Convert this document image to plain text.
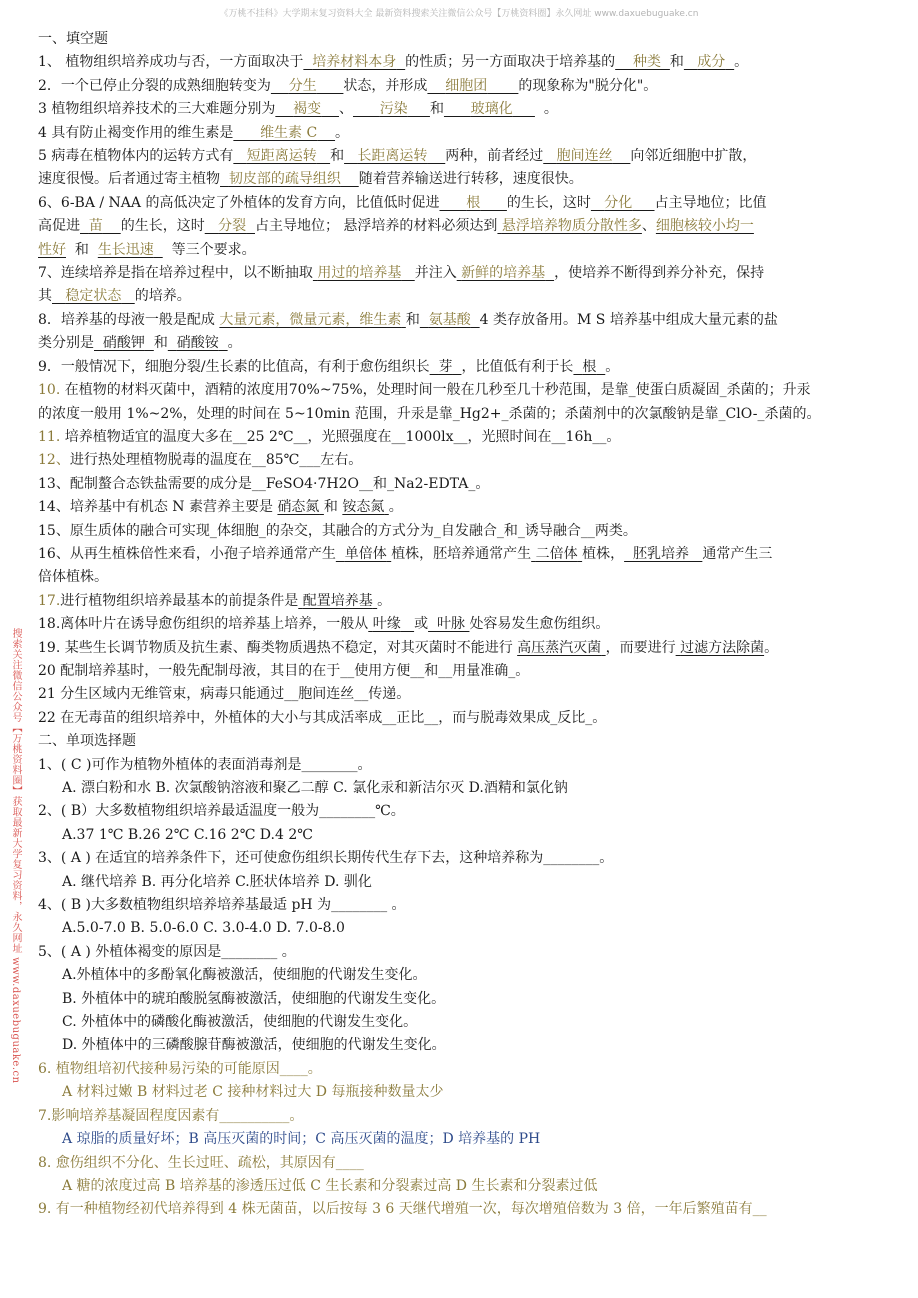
《万桃不挂科》大学期末复习资料大全 最新资料搜索关注微信公众号【万桃资料圈】永久网址 www.daxuebuguake.cn
搜索关注微信公众号【万桃资料圈】获取最新大学复习资料，永久网址 www.daxuebuguake.cn

一、填空题

1、 植物组织培养成功与否，一方面取决于 培养材料本身 的性质；另一方面取决于培养基的 种类 和 成分 。

2．一个已停止分裂的成熟细胞转变为 分生 状态，并形成 细胞团 的现象称为"脱分化"。

3 植物组织培养技术的三大难题分别为 褐变 、 污染 和 玻璃化 。

4 具有防止褐变作用的维生素是 维生素 C 。

5 病毒在植物体内的运转方式有 短距离运转 和 长距离运转 两种，前者经过 胞间连丝 向邻近细胞中扩散，

速度很慢。后者通过寄主植物 韧皮部的疏导组织 随着营养输送进行转移，速度很快。

6、6-BA / NAA 的高低决定了外植体的发育方向，比值低时促进 根 的生长，这时 分化 占主导地位；比值

高促进 苗 的生长，这时 分裂 占主导地位； 悬浮培养的材料必须达到 悬浮培养物质分散性多、细胞核较小均一

性好 和 生长迅速 等三个要求。

7、连续培养是指在培养过程中，以不断抽取 用过的培养基 并注入 新鲜的培养基 ，使培养不断得到养分补充，保持

其 稳定状态 的培养。

8．培养基的母液一般是配成 大量元素，微量元素，维生素 和 氨基酸 4 类存放备用。M S 培养基中组成大量元素的盐

类分别是 硝酸钾 和 硝酸铵 。

9．一般情况下，细胞分裂/生长素的比值高，有利于愈伤组织长 芽 ，比值低有利于长 根 。

10. 在植物的材料灭菌中，酒精的浓度用70%~75%，处理时间一般在几秒至几十秒范围，是靠_使蛋白质凝固_杀菌的；升汞

的浓度一般用 1%~2%，处理的时间在 5~10min 范围，升汞是靠_Hg2+_杀菌的；杀菌剂中的次氯酸钠是靠_ClO-_杀菌的。

11. 培养植物适宜的温度大多在__25 2℃__，光照强度在__1000lx__，光照时间在__16h__。

12、进行热处理植物脱毒的温度在__85℃___左右。

13、配制螯合态铁盐需要的成分是__FeSO4·7H2O__和_Na2-EDTA_。

14、培养基中有机态 N 素营养主要是 硝态氮 和 铵态氮 。

15、原生质体的融合可实现_体细胞_的杂交，其融合的方式分为_自发融合_和_诱导融合__两类。

16、从再生植株倍性来看，小孢子培养通常产生 单倍体 植株，胚培养通常产生 二倍体 植株， 胚乳培养 通常产生三

倍体植株。

17.进行植物组织培养最基本的前提条件是 配置培养基 。

18.离体叶片在诱导愈伤组织的培养基上培养，一般从 叶缘 或 叶脉 处容易发生愈伤组织。

19. 某些生长调节物质及抗生素、酶类物质遇热不稳定，对其灭菌时不能进行 高压蒸汽灭菌 ，而要进行 过滤方法除菌。

20 配制培养基时，一般先配制母液，其目的在于__使用方便__和__用量准确_。

21 分生区域内无维管束，病毒只能通过__胞间连丝__传递。

22 在无毒苗的组织培养中，外植体的大小与其成活率成__正比__，而与脱毒效果成_反比_。

二、单项选择题

1、( C )可作为植物外植体的表面消毒剂是________。

A. 漂白粉和水 B. 次氯酸钠溶液和聚乙二醇 C. 氯化汞和新洁尔灭 D.酒精和氯化钠

2、( B）大多数植物组织培养最适温度一般为________℃。

A.37 1℃ B.26 2℃ C.16 2℃ D.4 2℃

3、( A ) 在适宜的培养条件下，还可使愈伤组织长期传代生存下去，这种培养称为________。

A. 继代培养 B. 再分化培养 C.胚状体培养 D. 驯化

4、( B )大多数植物组织培养培养基最适 pH 为________ 。

A.5.0-7.0 B. 5.0-6.0 C. 3.0-4.0 D. 7.0-8.0

5、( A ) 外植体褐变的原因是________ 。

A.外植体中的多酚氧化酶被激活，使细胞的代谢发生变化。

B. 外植体中的琥珀酸脱氢酶被激活，使细胞的代谢发生变化。

C. 外植体中的磷酸化酶被激活，使细胞的代谢发生变化。

D. 外植体中的三磷酸腺苷酶被激活，使细胞的代谢发生变化。

6. 植物组培初代接种易污染的可能原因____。

A 材料过嫩 B 材料过老 C 接种材料过大 D 每瓶接种数量太少

7.影响培养基凝固程度因素有__________。

A 琼脂的质量好坏；B 高压灭菌的时间；C 高压灭菌的温度；D 培养基的 PH

8. 愈伤组织不分化、生长过旺、疏松，其原因有____

A 糖的浓度过高 B 培养基的渗透压过低 C 生长素和分裂素过高 D 生长素和分裂素过低

9. 有一种植物经初代培养得到 4 株无菌苗，以后按每 3 6 天继代增殖一次，每次增殖倍数为 3 倍，一年后繁殖苗有__
